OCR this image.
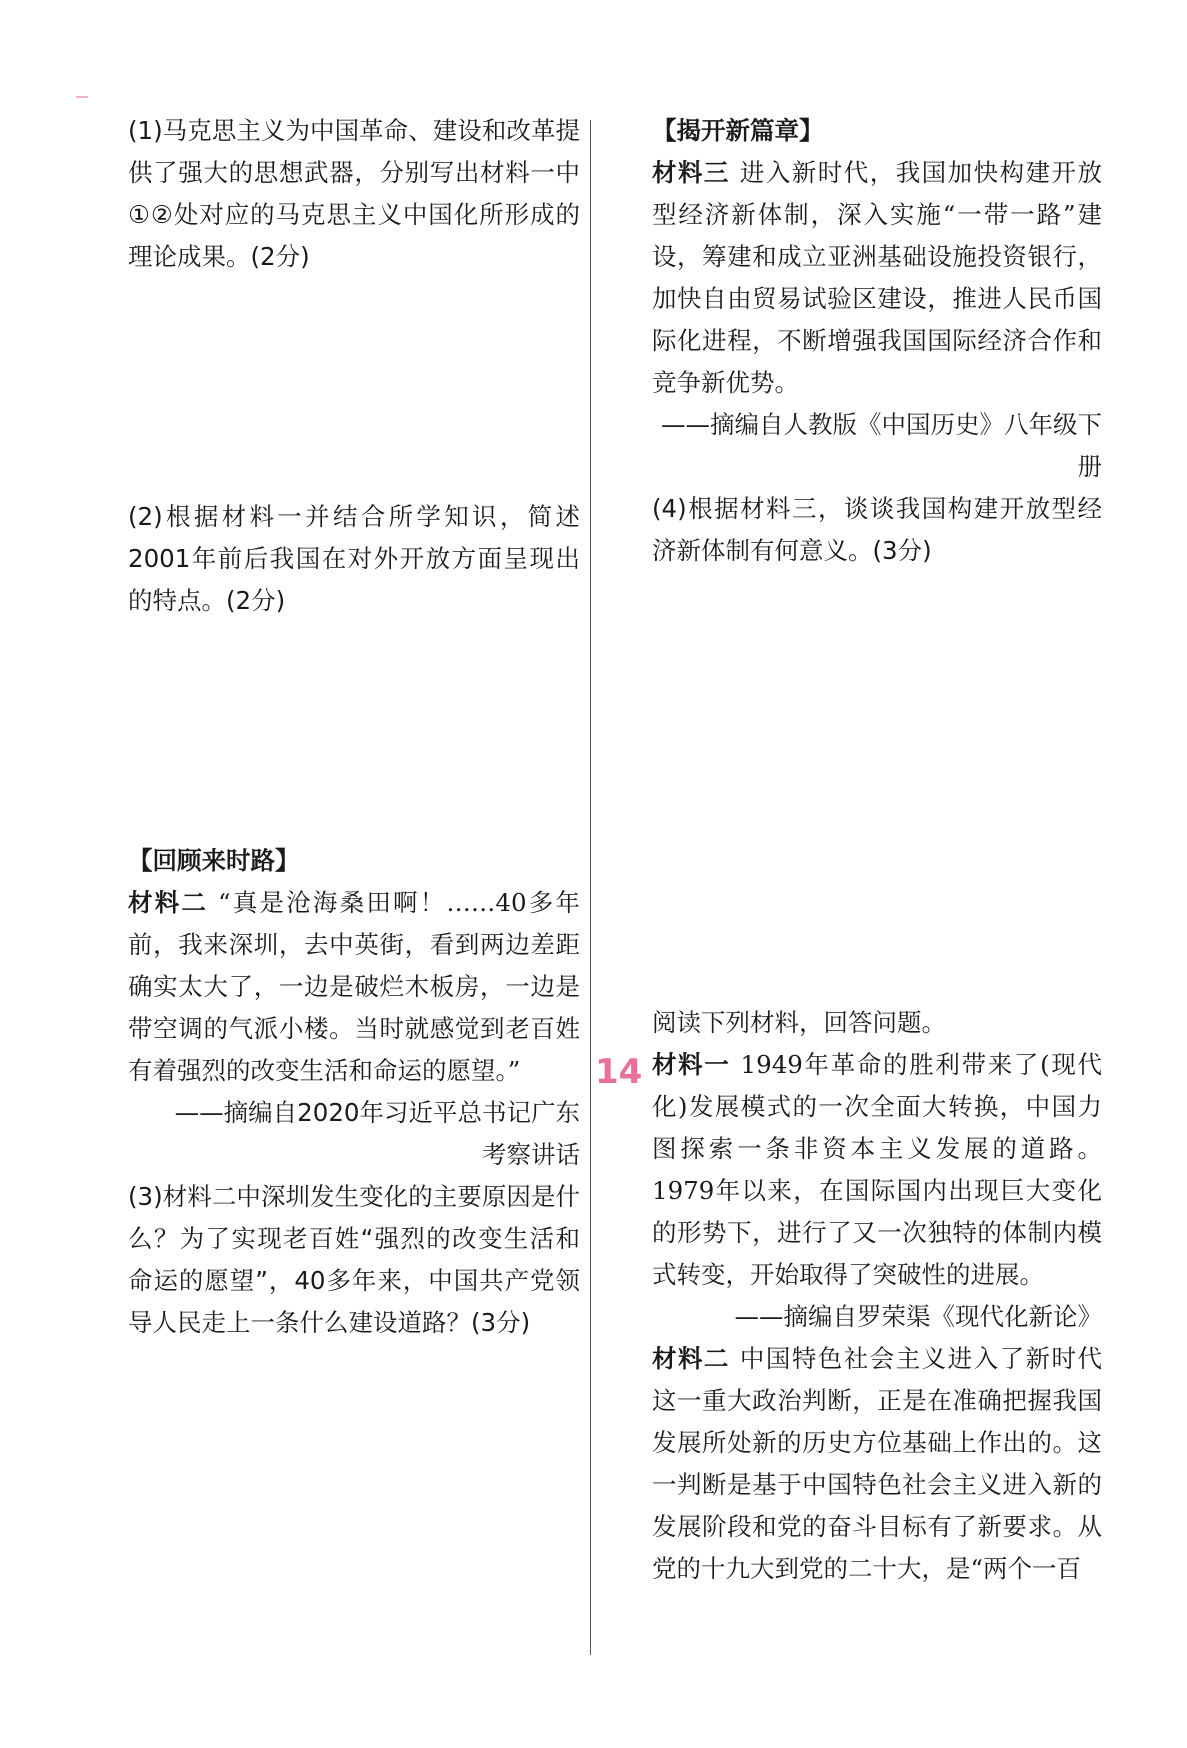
(1)马克思主义为中国革命、建设和改革提供了强大的思想武器，分别写出材料一中①②处对应的马克思主义中国化所形成的理论成果。(2分)

(2)根据材料一并结合所学知识，简述2001年前后我国在对外开放方面呈现出的特点。(2分)

【回顾来时路】

材料二 “真是沧海桑田啊！……40多年前，我来深圳，去中英街，看到两边差距确实太大了，一边是破烂木板房，一边是带空调的气派小楼。当时就感觉到老百姓有着强烈的改变生活和命运的愿望。”

——摘编自2020年习近平总书记广东

考察讲话

(3)材料二中深圳发生变化的主要原因是什么？为了实现老百姓“强烈的改变生活和命运的愿望”，40多年来，中国共产党领导人民走上一条什么建设道路？(3分)

【揭开新篇章】

材料三 进入新时代，我国加快构建开放型经济新体制，深入实施“一带一路”建设，筹建和成立亚洲基础设施投资银行，加快自由贸易试验区建设，推进人民币国际化进程，不断增强我国国际经济合作和竞争新优势。

——摘编自人教版《中国历史》八年级下册

(4)根据材料三，谈谈我国构建开放型经济新体制有何意义。(3分)

阅读下列材料，回答问题。

材料一 1949年革命的胜利带来了(现代化)发展模式的一次全面大转换，中国力图探索一条非资本主义发展的道路。1979年以来，在国际国内出现巨大变化的形势下，进行了又一次独特的体制内模式转变，开始取得了突破性的进展。

——摘编自罗荣渠《现代化新论》

材料二 中国特色社会主义进入了新时代这一重大政治判断，正是在准确把握我国发展所处新的历史方位基础上作出的。这一判断是基于中国特色社会主义进入新的发展阶段和党的奋斗目标有了新要求。从党的十九大到党的二十大，是“两个一百

14
